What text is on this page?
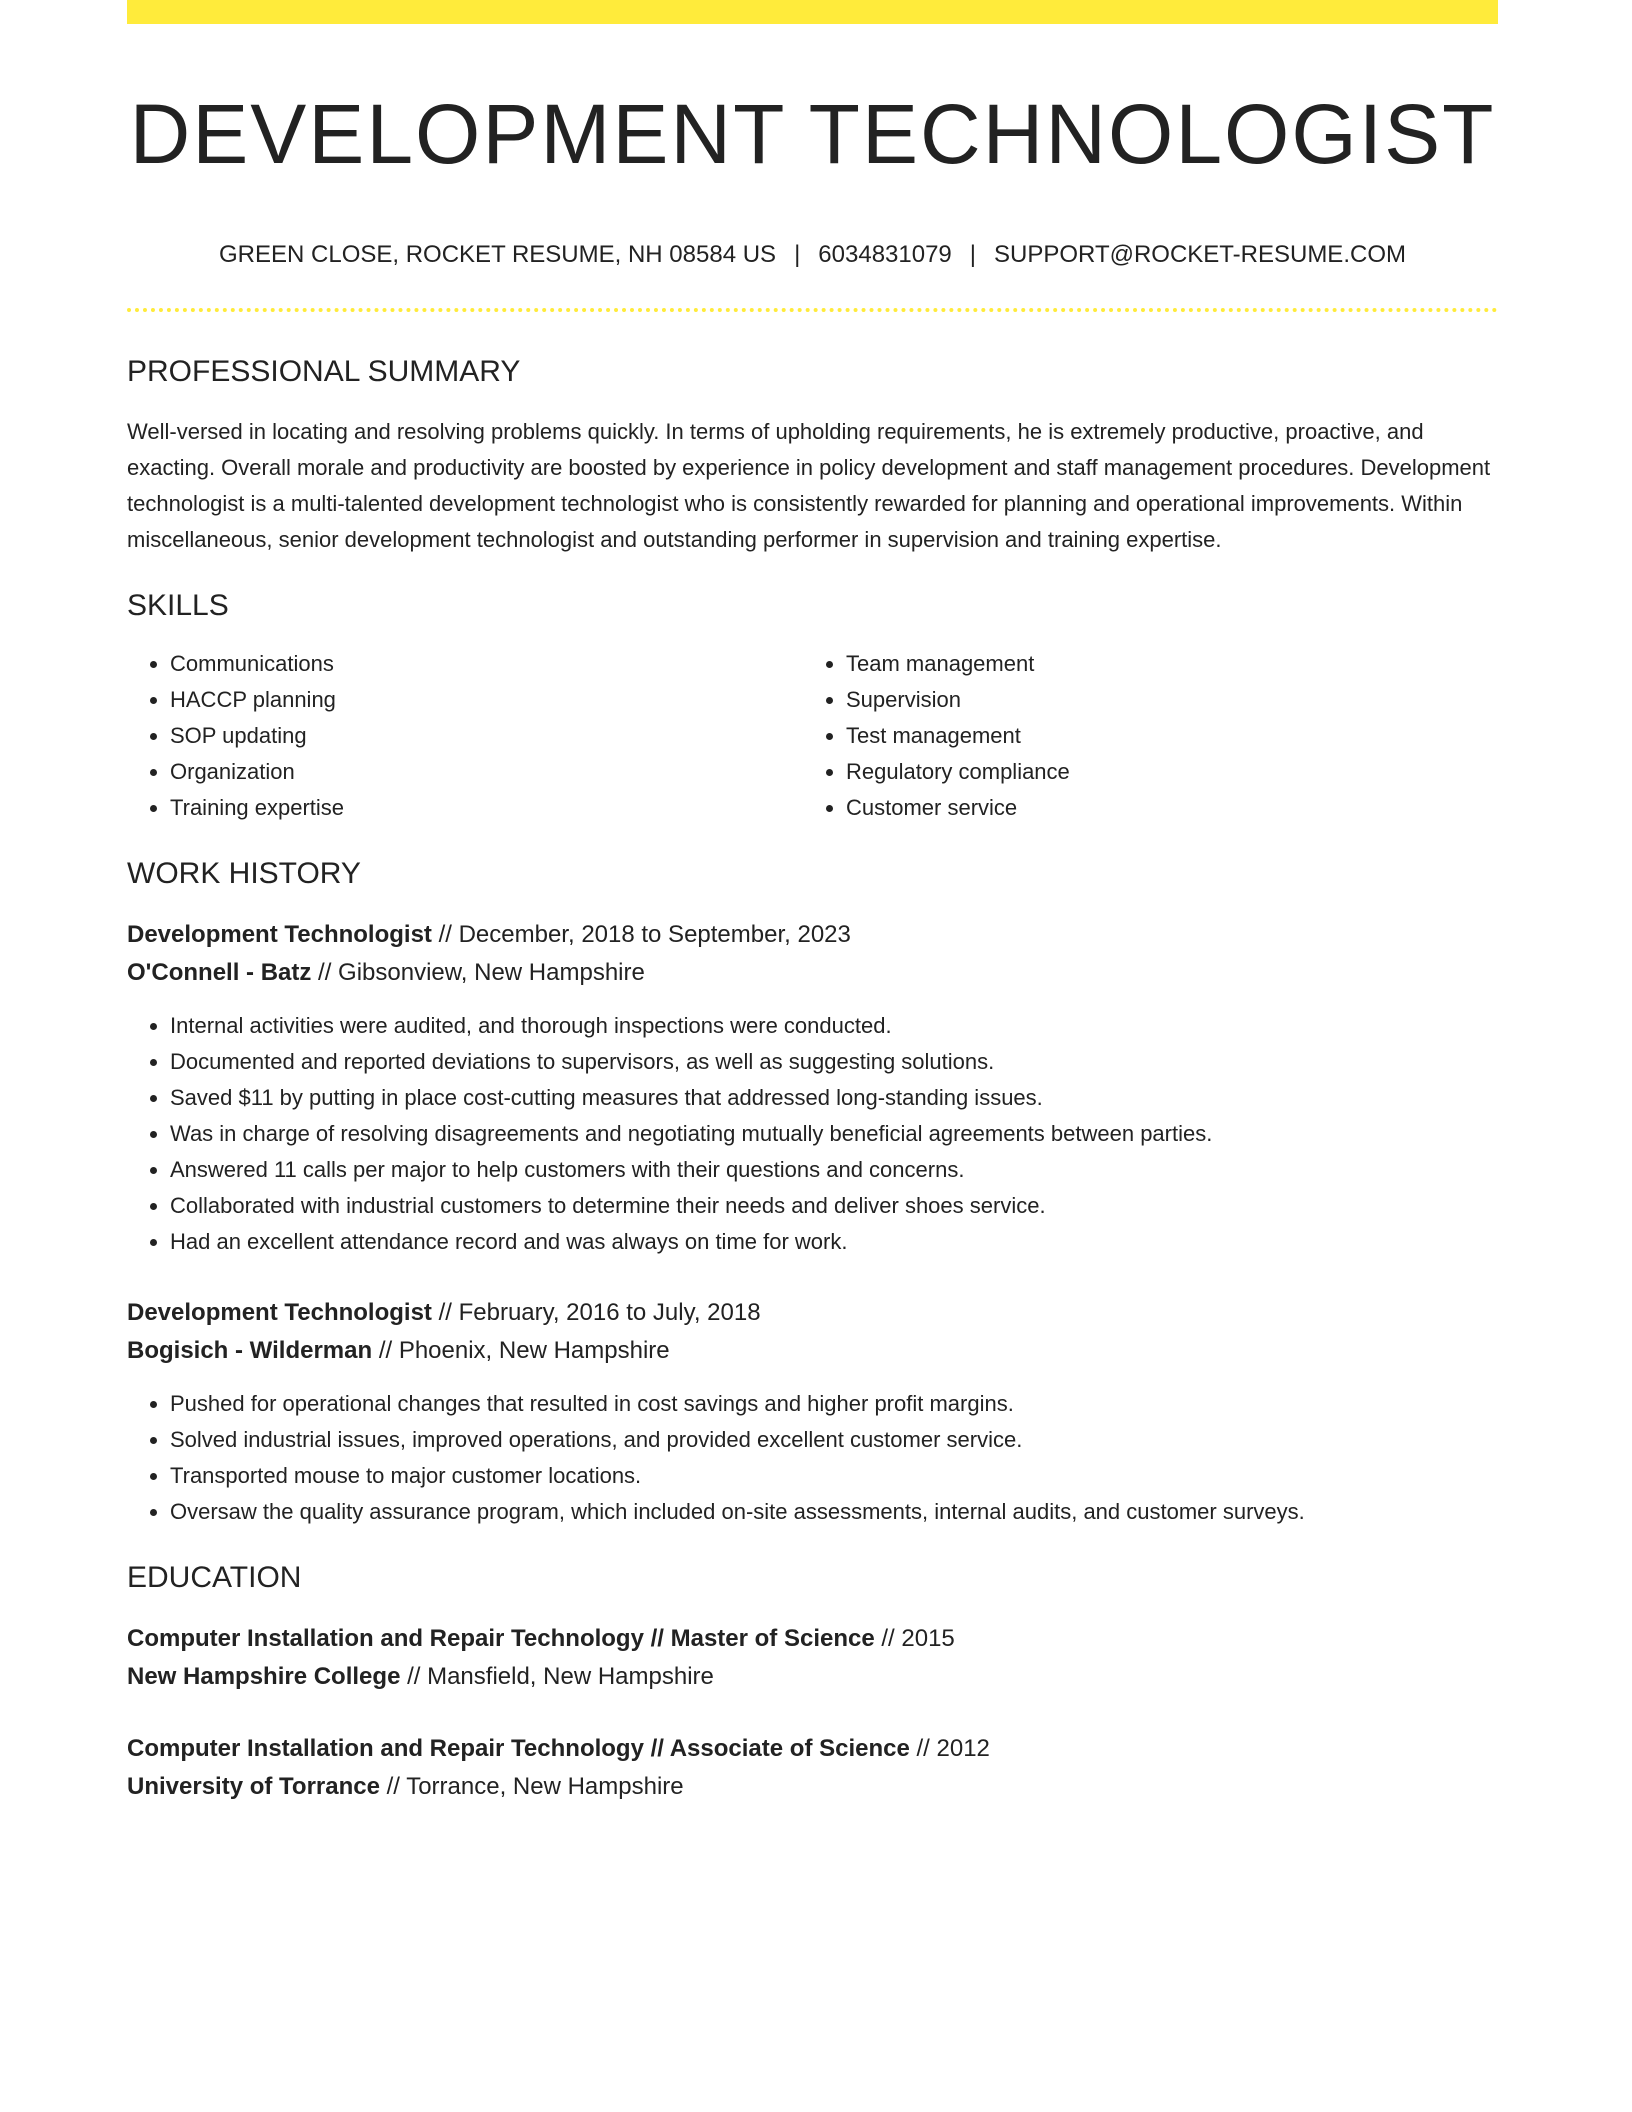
DEVELOPMENT TECHNOLOGIST
GREEN CLOSE, ROCKET RESUME, NH 08584 US | 6034831079 | SUPPORT@ROCKET-RESUME.COM
PROFESSIONAL SUMMARY

Well-versed in locating and resolving problems quickly. In terms of upholding requirements, he is extremely productive, proactive, and exacting. Overall morale and productivity are boosted by experience in policy development and staff management procedures. Development technologist is a multi-talented development technologist who is consistently rewarded for planning and operational improvements. Within miscellaneous, senior development technologist and outstanding performer in supervision and training expertise.

SKILLS
• Communications
• HACCP planning
• SOP updating
• Organization
• Training expertise
• Team management
• Supervision
• Test management
• Regulatory compliance
• Customer service
WORK HISTORY
Development Technologist // December, 2018 to September, 2023
O'Connell - Batz // Gibsonview, New Hampshire
• Internal activities were audited, and thorough inspections were conducted.
• Documented and reported deviations to supervisors, as well as suggesting solutions.
• Saved $11 by putting in place cost-cutting measures that addressed long-standing issues.
• Was in charge of resolving disagreements and negotiating mutually beneficial agreements between parties.
• Answered 11 calls per major to help customers with their questions and concerns.
• Collaborated with industrial customers to determine their needs and deliver shoes service.
• Had an excellent attendance record and was always on time for work.
Development Technologist // February, 2016 to July, 2018
Bogisich - Wilderman // Phoenix, New Hampshire
• Pushed for operational changes that resulted in cost savings and higher profit margins.
• Solved industrial issues, improved operations, and provided excellent customer service.
• Transported mouse to major customer locations.
• Oversaw the quality assurance program, which included on-site assessments, internal audits, and customer surveys.
EDUCATION
Computer Installation and Repair Technology // Master of Science // 2015
New Hampshire College // Mansfield, New Hampshire
Computer Installation and Repair Technology // Associate of Science // 2012
University of Torrance // Torrance, New Hampshire
